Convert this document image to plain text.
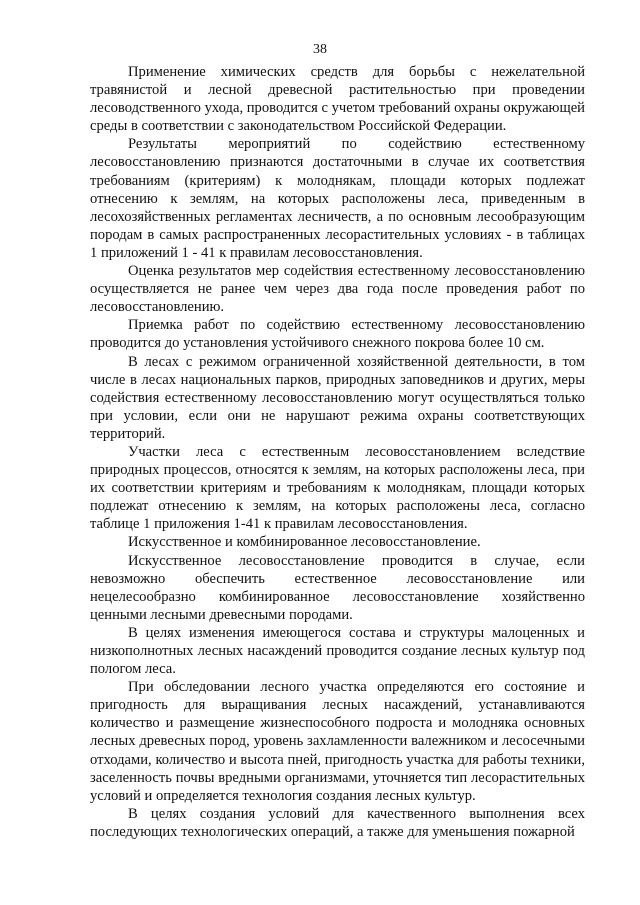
38

Применение химических средств для борьбы с нежелательной травянистой и лесной древесной растительностью при проведении лесоводственного ухода, проводится с учетом требований охраны окружающей среды в соответствии с законодательством Российской Федерации.

Результаты мероприятий по содействию естественному лесовосстановлению признаются достаточными в случае их соответствия требованиям (критериям) к молоднякам, площади которых подлежат отнесению к землям, на которых расположены леса, приведенным в лесохозяйственных регламентах лесничеств, а по основным лесообразующим породам в самых распространенных лесорастительных условиях - в таблицах 1 приложений 1 - 41 к правилам лесовосстановления.

Оценка результатов мер содействия естественному лесовосстановлению осуществляется не ранее чем через два года после проведения работ по лесовосстановлению.

Приемка работ по содействию естественному лесовосстановлению проводится до установления устойчивого снежного покрова более 10 см.

В лесах с режимом ограниченной хозяйственной деятельности, в том числе в лесах национальных парков, природных заповедников и других, меры содействия естественному лесовосстановлению могут осуществляться только при условии, если они не нарушают режима охраны соответствующих территорий.

Участки леса с естественным лесовосстановлением вследствие природных процессов, относятся к землям, на которых расположены леса, при их соответствии критериям и требованиям к молоднякам, площади которых подлежат отнесению к землям, на которых расположены леса, согласно таблице 1 приложения 1-41 к правилам лесовосстановления.

Искусственное и комбинированное лесовосстановление.

Искусственное лесовосстановление проводится в случае, если невозможно обеспечить естественное лесовосстановление или нецелесообразно комбинированное лесовосстановление хозяйственно ценными лесными древесными породами.

В целях изменения имеющегося состава и структуры малоценных и низкополнотных лесных насаждений проводится создание лесных культур под пологом леса.

При обследовании лесного участка определяются его состояние и пригодность для выращивания лесных насаждений, устанавливаются количество и размещение жизнеспособного подроста и молодняка основных лесных древесных пород, уровень захламленности валежником и лесосечными отходами, количество и высота пней, пригодность участка для работы техники, заселенность почвы вредными организмами, уточняется тип лесорастительных условий и определяется технология создания лесных культур.

В целях создания условий для качественного выполнения всех последующих технологических операций, а также для уменьшения пожарной
